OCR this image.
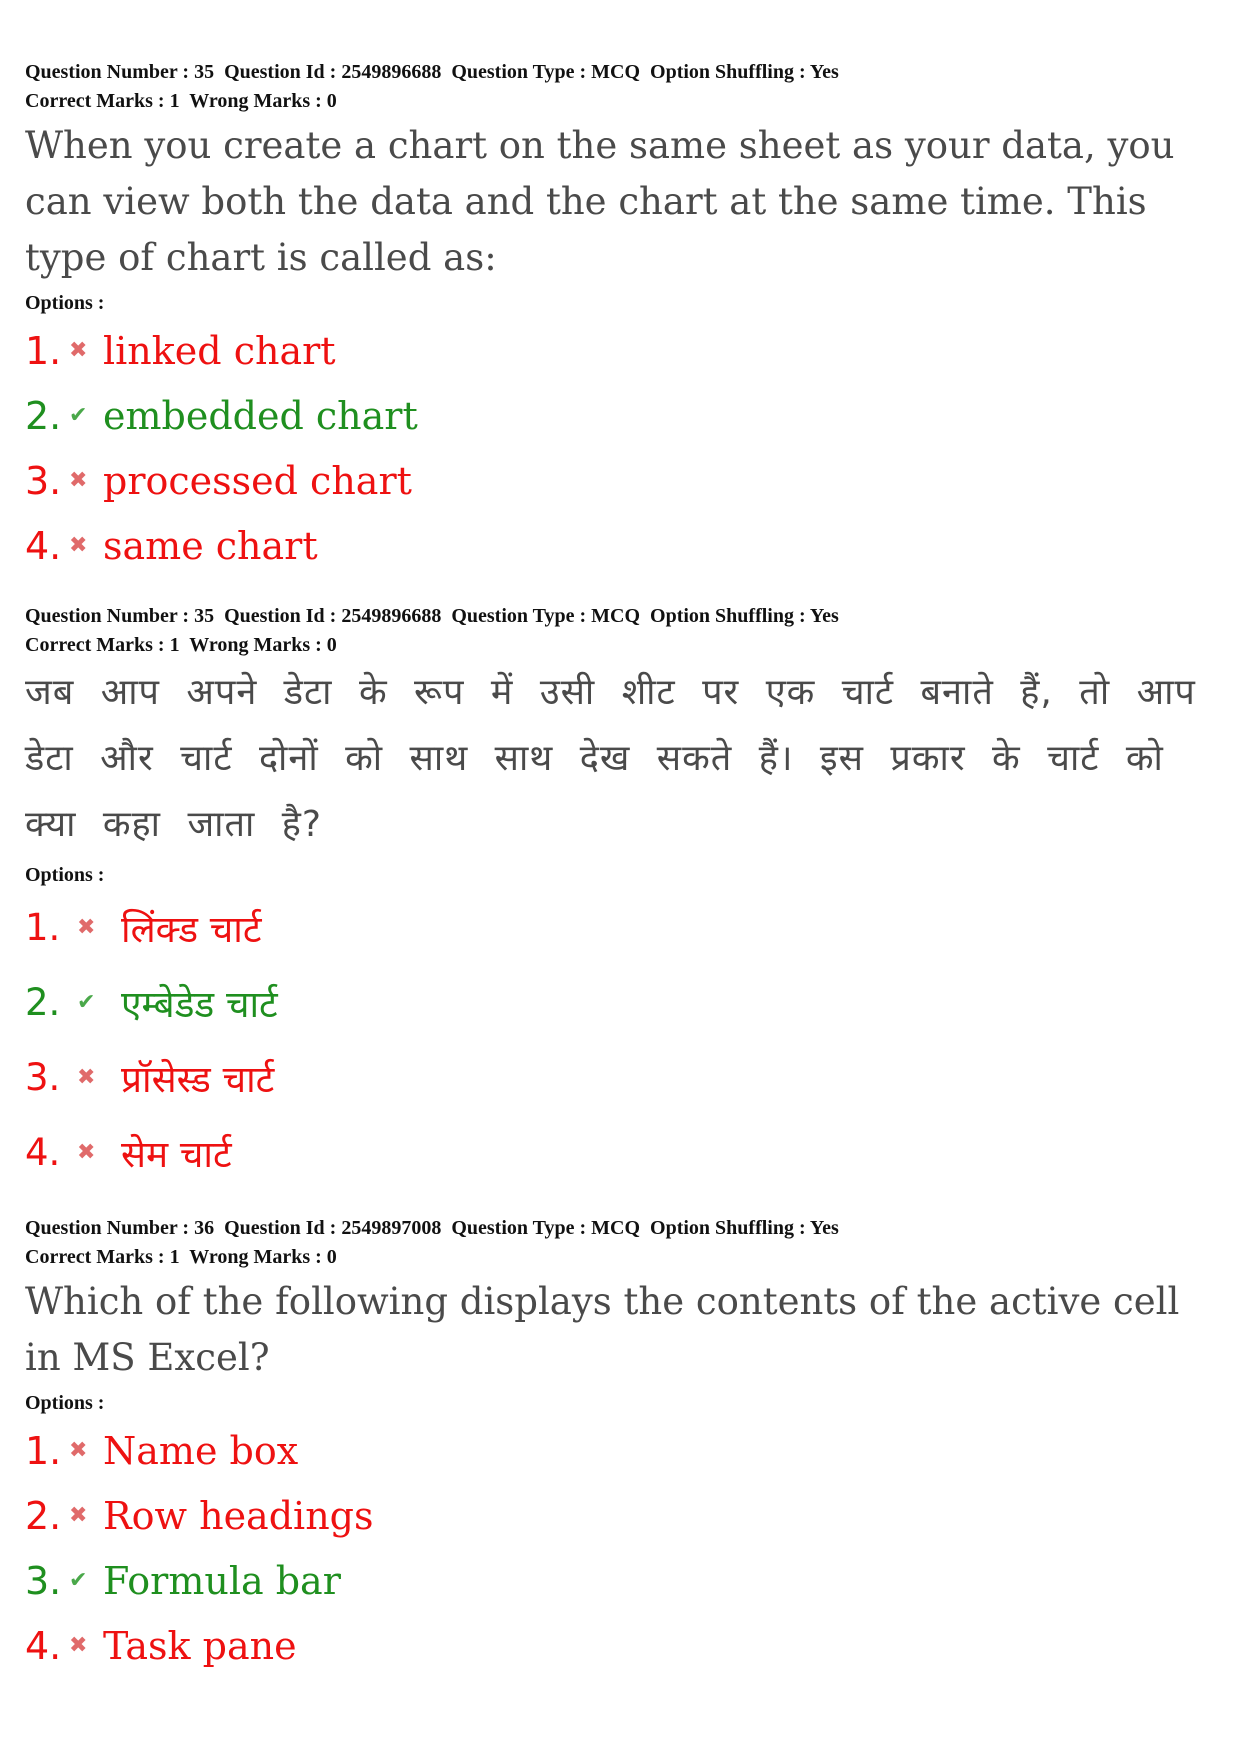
Question Number : 35  Question Id : 2549896688  Question Type : MCQ  Option Shuffling : Yes
Correct Marks : 1  Wrong Marks : 0
When you create a chart on the same sheet as your data, you can view both the data and the chart at the same time. This type of chart is called as:
Options :
1. ✖ linked chart
2. ✔ embedded chart
3. ✖ processed chart
4. ✖ same chart
Question Number : 35  Question Id : 2549896688  Question Type : MCQ  Option Shuffling : Yes
Correct Marks : 1  Wrong Marks : 0
जब आप अपने डेटा के रूप में उसी शीट पर एक चार्ट बनाते हैं, तो आप डेटा और चार्ट दोनों को साथ साथ देख सकते हैं। इस प्रकार के चार्ट को क्या कहा जाता है?
Options :
1. ✖ लिंक्ड चार्ट
2. ✔ एम्बेडेड चार्ट
3. ✖ प्रॉसेस्ड चार्ट
4. ✖ सेम चार्ट
Question Number : 36  Question Id : 2549897008  Question Type : MCQ  Option Shuffling : Yes
Correct Marks : 1  Wrong Marks : 0
Which of the following displays the contents of the active cell in MS Excel?
Options :
1. ✖ Name box
2. ✖ Row headings
3. ✔ Formula bar
4. ✖ Task pane
